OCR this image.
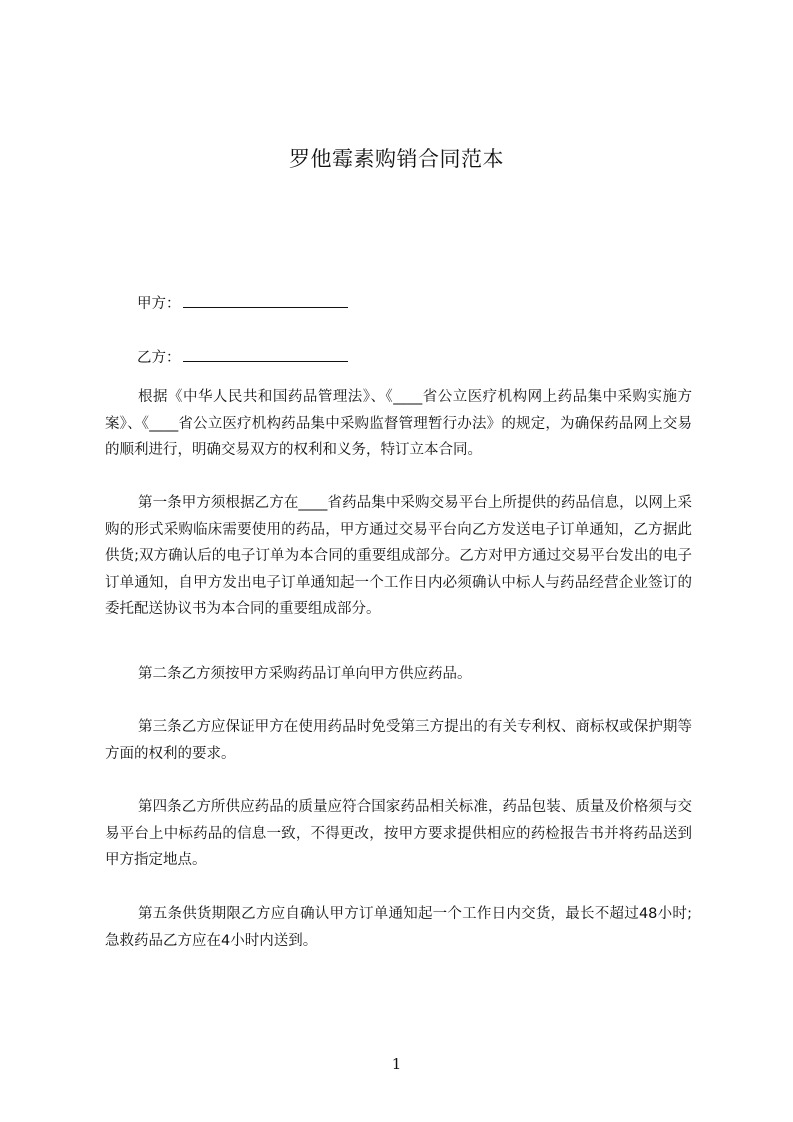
罗他霉素购销合同范本
甲方：
乙方：

根据《中华人民共和国药品管理法》、《____省公立医疗机构网上药品集中采购实施方案》、《____省公立医疗机构药品集中采购监督管理暂行办法》的规定，为确保药品网上交易的顺利进行，明确交易双方的权利和义务，特订立本合同。

第一条甲方须根据乙方在____省药品集中采购交易平台上所提供的药品信息，以网上采购的形式采购临床需要使用的药品，甲方通过交易平台向乙方发送电子订单通知，乙方据此供货;双方确认后的电子订单为本合同的重要组成部分。乙方对甲方通过交易平台发出的电子订单通知，自甲方发出电子订单通知起一个工作日内必须确认中标人与药品经营企业签订的委托配送协议书为本合同的重要组成部分。

第二条乙方须按甲方采购药品订单向甲方供应药品。

第三条乙方应保证甲方在使用药品时免受第三方提出的有关专利权、商标权或保护期等方面的权利的要求。

第四条乙方所供应药品的质量应符合国家药品相关标准，药品包装、质量及价格须与交易平台上中标药品的信息一致，不得更改，按甲方要求提供相应的药检报告书并将药品送到甲方指定地点。

第五条供货期限乙方应自确认甲方订单通知起一个工作日内交货，最长不超过48小时;急救药品乙方应在4小时内送到。

1
